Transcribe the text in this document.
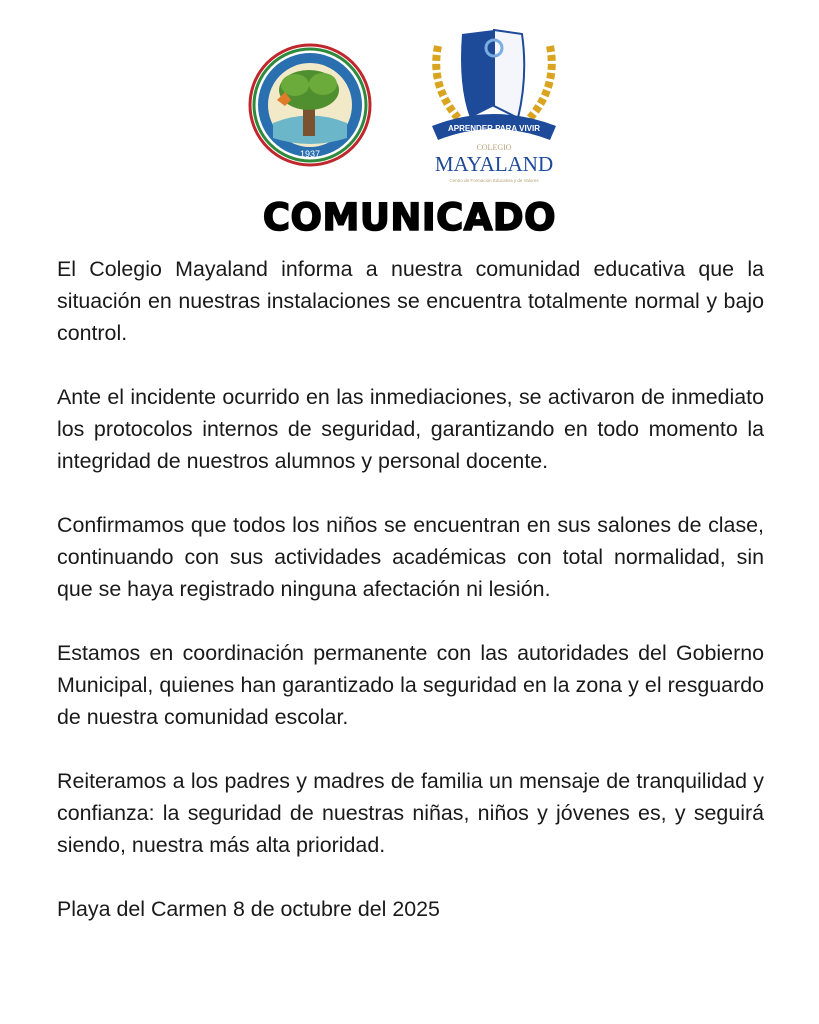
1937
APRENDER PARA VIVIR
COLEGIO
MAYALAND
Centro de Formación Educativa y de Valores
COMUNICADO

El Colegio Mayaland informa a nuestra comunidad educativa que la situación en nuestras instalaciones se encuentra totalmente normal y bajo control.

Ante el incidente ocurrido en las inmediaciones, se activaron de inmediato los protocolos internos de seguridad, garantizando en todo momento la integridad de nuestros alumnos y personal docente.

Confirmamos que todos los niños se encuentran en sus salones de clase, continuando con sus actividades académicas con total normalidad, sin que se haya registrado ninguna afectación ni lesión.

Estamos en coordinación permanente con las autoridades del Gobierno Municipal, quienes han garantizado la seguridad en la zona y el resguardo de nuestra comunidad escolar.

Reiteramos a los padres y madres de familia un mensaje de tranquilidad y confianza: la seguridad de nuestras niñas, niños y jóvenes es, y seguirá siendo, nuestra más alta prioridad.

Playa del Carmen 8 de octubre del 2025
